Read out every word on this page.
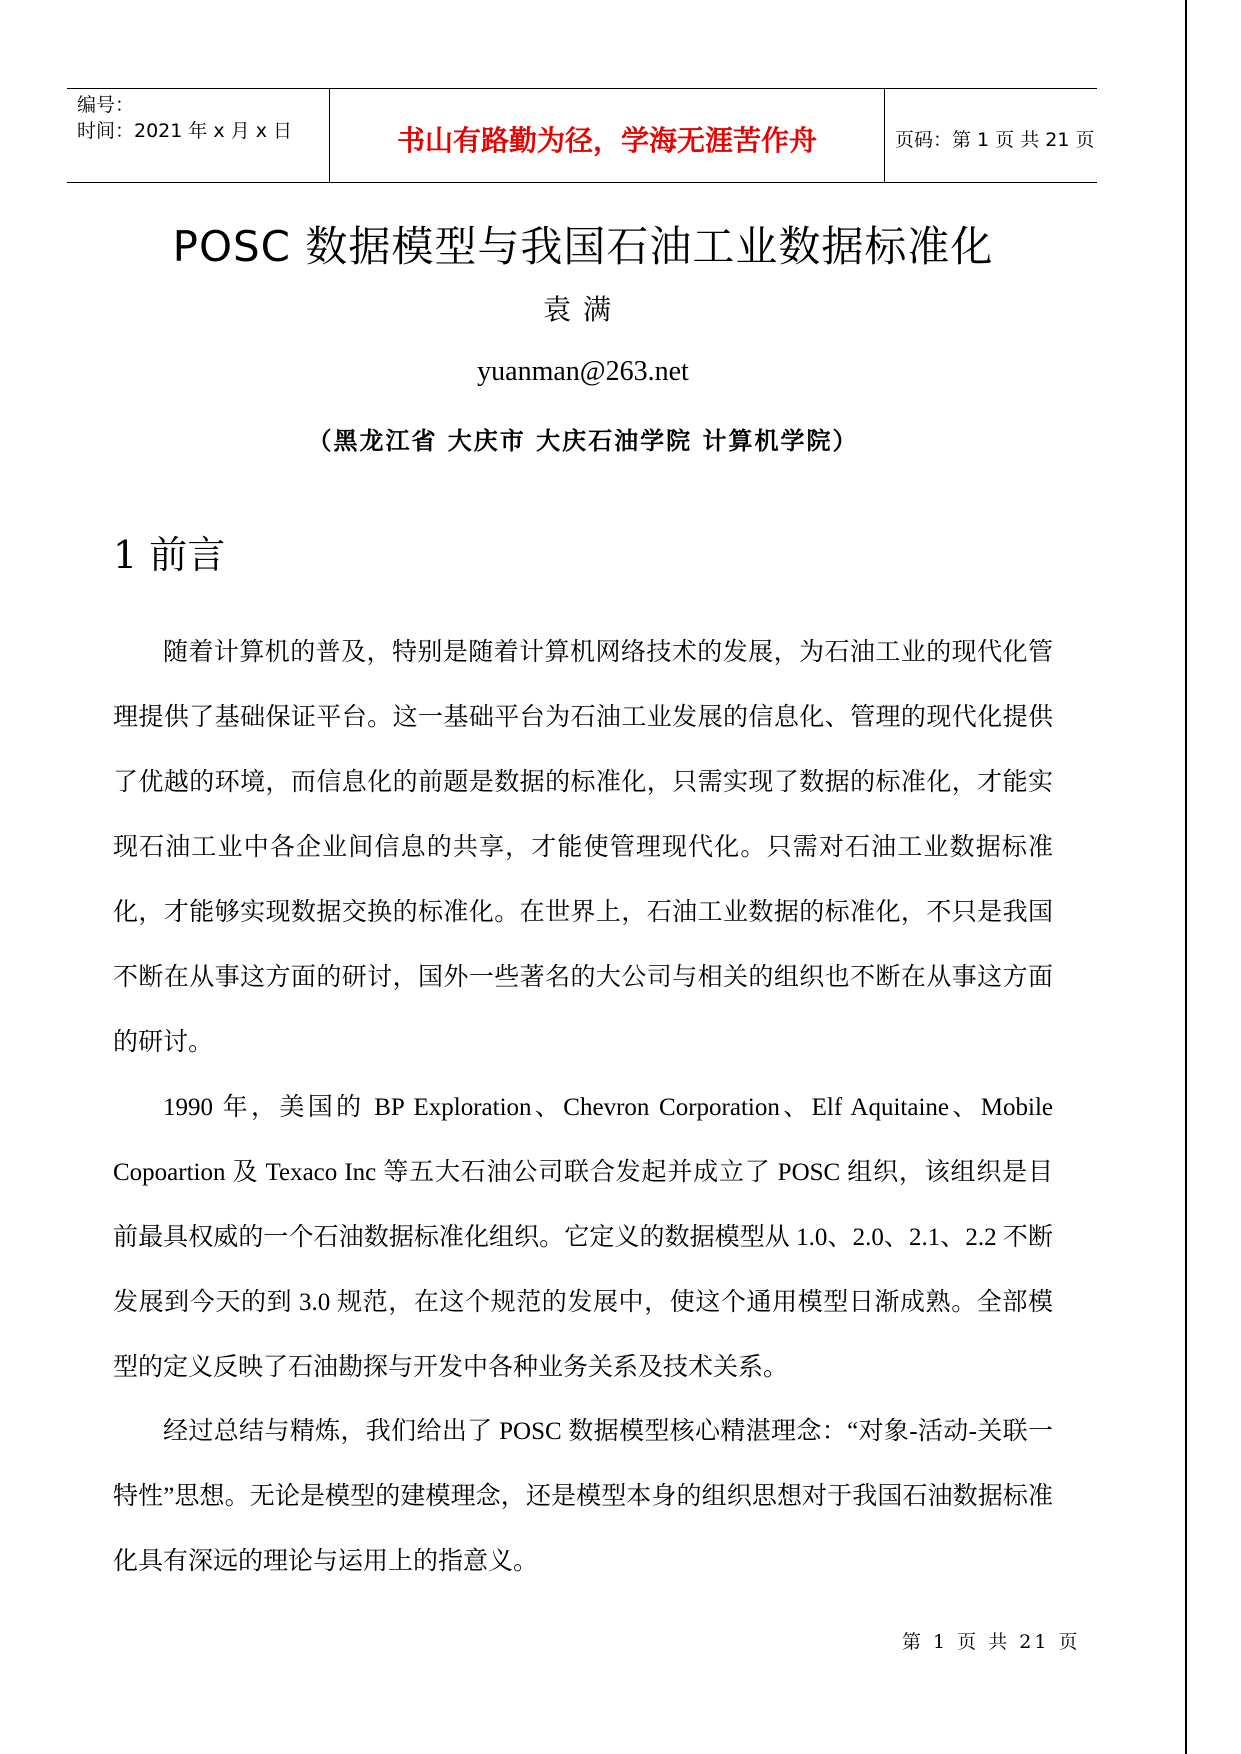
编号：
时间：2021 年 x 月 x 日	书山有路勤为径，学海无涯苦作舟	页码：第 1 页 共 21 页
POSC 数据模型与我国石油工业数据标准化
袁满
yuanman@263.net
（黑龙江省 大庆市 大庆石油学院 计算机学院）
1 前言

随着计算机的普及，特别是随着计算机网络技术的发展，为石油工业的现代化管理提供了基础保证平台。这一基础平台为石油工业发展的信息化、管理的现代化提供了优越的环境，而信息化的前题是数据的标准化，只需实现了数据的标准化，才能实现石油工业中各企业间信息的共享，才能使管理现代化。只需对石油工业数据标准化，才能够实现数据交换的标准化。在世界上，石油工业数据的标准化，不只是我国不断在从事这方面的研讨，国外一些著名的大公司与相关的组织也不断在从事这方面的研讨。

1990 年，美国的 BP Exploration、Chevron Corporation、Elf Aquitaine、Mobile Copoartion 及 Texaco Inc 等五大石油公司联合发起并成立了 POSC 组织，该组织是目前最具权威的一个石油数据标准化组织。它定义的数据模型从 1.0、2.0、2.1、2.2 不断发展到今天的到 3.0 规范，在这个规范的发展中，使这个通用模型日渐成熟。全部模型的定义反映了石油勘探与开发中各种业务关系及技术关系。

经过总结与精炼，我们给出了 POSC 数据模型核心精湛理念：“对象-活动-关联一特性”思想。无论是模型的建模理念，还是模型本身的组织思想对于我国石油数据标准化具有深远的理论与运用上的指意义。

第 1 页 共 21 页
